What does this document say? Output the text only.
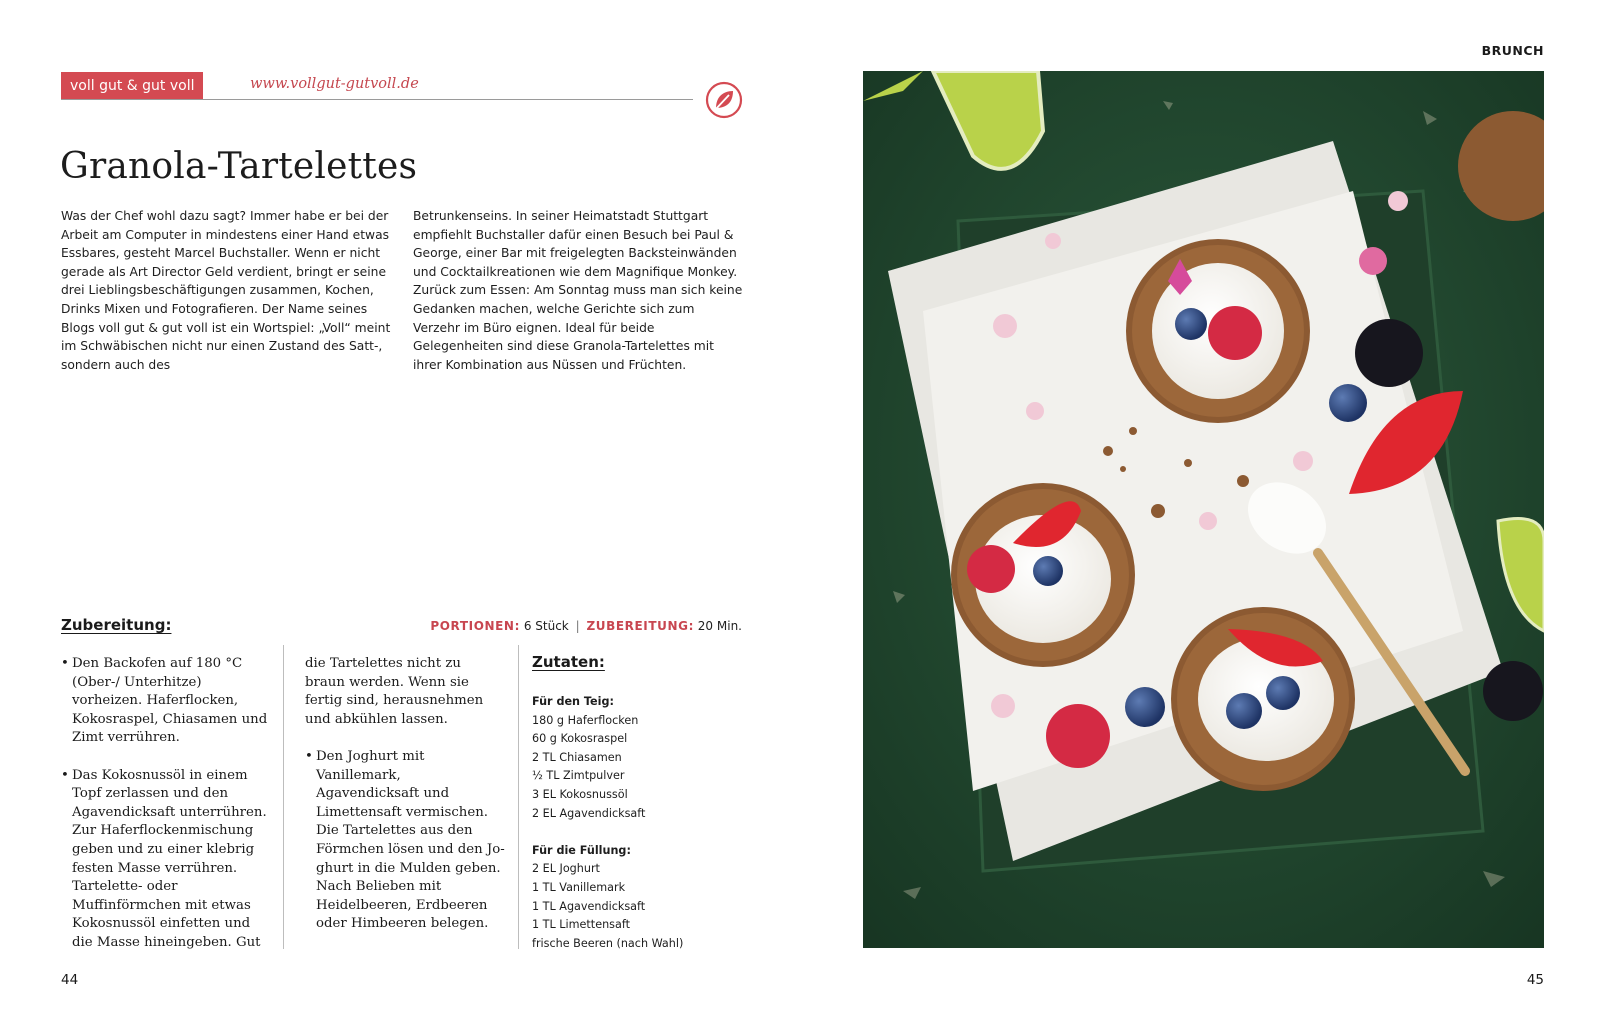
voll gut & gut voll	www.vollgut-gutvoll.de
Granola-Tartelettes

Was der Chef wohl dazu sagt? Immer habe er bei der Arbeit am Computer in mindestens einer Hand etwas Essbares, gesteht Marcel Buchstaller. Wenn er nicht gerade als Art Director Geld verdient, bringt er seine drei Lieblingsbeschäftigungen zusammen, Kochen, Drinks Mixen und Fotografieren. Der Name seines Blogs voll gut & gut voll ist ein Wortspiel: „Voll“ meint im Schwäbischen nicht nur einen Zustand des Satt-, sondern auch des

Betrunkenseins. In seiner Heimatstadt Stuttgart empfiehlt Buchstaller dafür einen Besuch bei Paul & George, einer Bar mit freigelegten Backsteinwänden und Cocktailkreationen wie dem Magnifique Monkey. Zurück zum Essen: Am Sonntag muss man sich keine Gedanken machen, welche Gerichte sich zum Verzehr im Büro eignen. Ideal für beide Gelegenheiten sind diese Granola-Tartelettes mit ihrer Kombination aus Nüssen und Früchten.

Zubereitung:	PORTIONEN: 6 Stück | ZUBEREITUNG: 20 Min.

• Den Backofen auf 180 °C (Ober-/ Unterhitze) vorheizen. Haferflocken, Kokosraspel, Chiasamen und Zimt verrühren.

• Das Kokosnussöl in einem Topf zerlassen und den Agavendicksaft unterrühren. Zur Haferflockenmischung geben und zu einer klebrig festen Masse verrühren. Tartelette- oder Muffinförmchen mit etwas Kokosnussöl einfetten und die Masse hineingeben. Gut

die Tartelettes nicht zu braun werden. Wenn sie fertig sind, herausnehmen und abkühlen lassen.

• Den Joghurt mit Vanillemark, Agavendicksaft und Limettensaft vermischen. Die Tartelettes aus den Förmchen lösen und den Joghurt in die Mulden geben. Nach Belieben mit Heidelbeeren, Erdbeeren oder Himbeeren belegen.

Zutaten:
Für den Teig:
180 g Haferflocken
60 g Kokosraspel
2 TL Chiasamen
½ TL Zimtpulver
3 EL Kokosnussöl
2 EL Agavendicksaft
Für die Füllung:
2 EL Joghurt
1 TL Vanillemark
1 TL Agavendicksaft
1 TL Limettensaft
frische Beeren (nach Wahl)
44
BRUNCH
45
